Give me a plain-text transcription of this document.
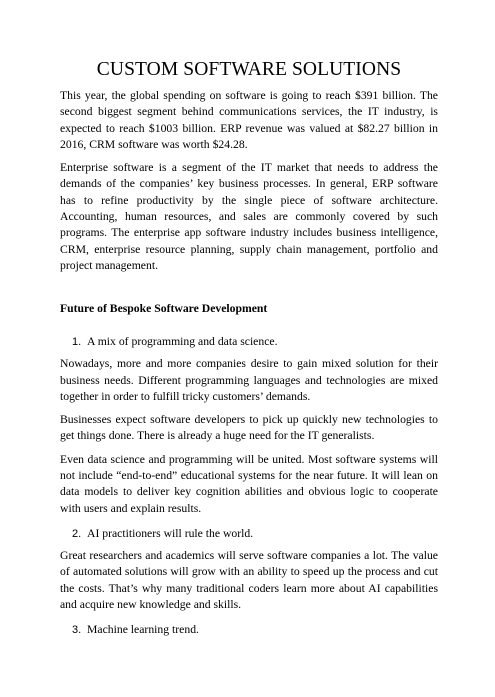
CUSTOM SOFTWARE SOLUTIONS

This year, the global spending on software is going to reach $391 billion. The second biggest segment behind communications services, the IT industry, is expected to reach $1003 billion. ERP revenue was valued at $82.27 billion in 2016, CRM software was worth $24.28.

Enterprise software is a segment of the IT market that needs to address the demands of the companies’ key business processes. In general, ERP software has to refine productivity by the single piece of software architecture. Accounting, human resources, and sales are commonly covered by such programs. The enterprise app software industry includes business intelligence, CRM, enterprise resource planning, supply chain management, portfolio and project management.

Future of Bespoke Software Development
1. A mix of programming and data science.

Nowadays, more and more companies desire to gain mixed solution for their business needs. Different programming languages and technologies are mixed together in order to fulfill tricky customers’ demands.

Businesses expect software developers to pick up quickly new technologies to get things done. There is already a huge need for the IT generalists.

Even data science and programming will be united. Most software systems will not include “end-to-end” educational systems for the near future. It will lean on data models to deliver key cognition abilities and obvious logic to cooperate with users and explain results.

2. AI practitioners will rule the world.

Great researchers and academics will serve software companies a lot. The value of automated solutions will grow with an ability to speed up the process and cut the costs. That’s why many traditional coders learn more about AI capabilities and acquire new knowledge and skills.

3. Machine learning trend.
